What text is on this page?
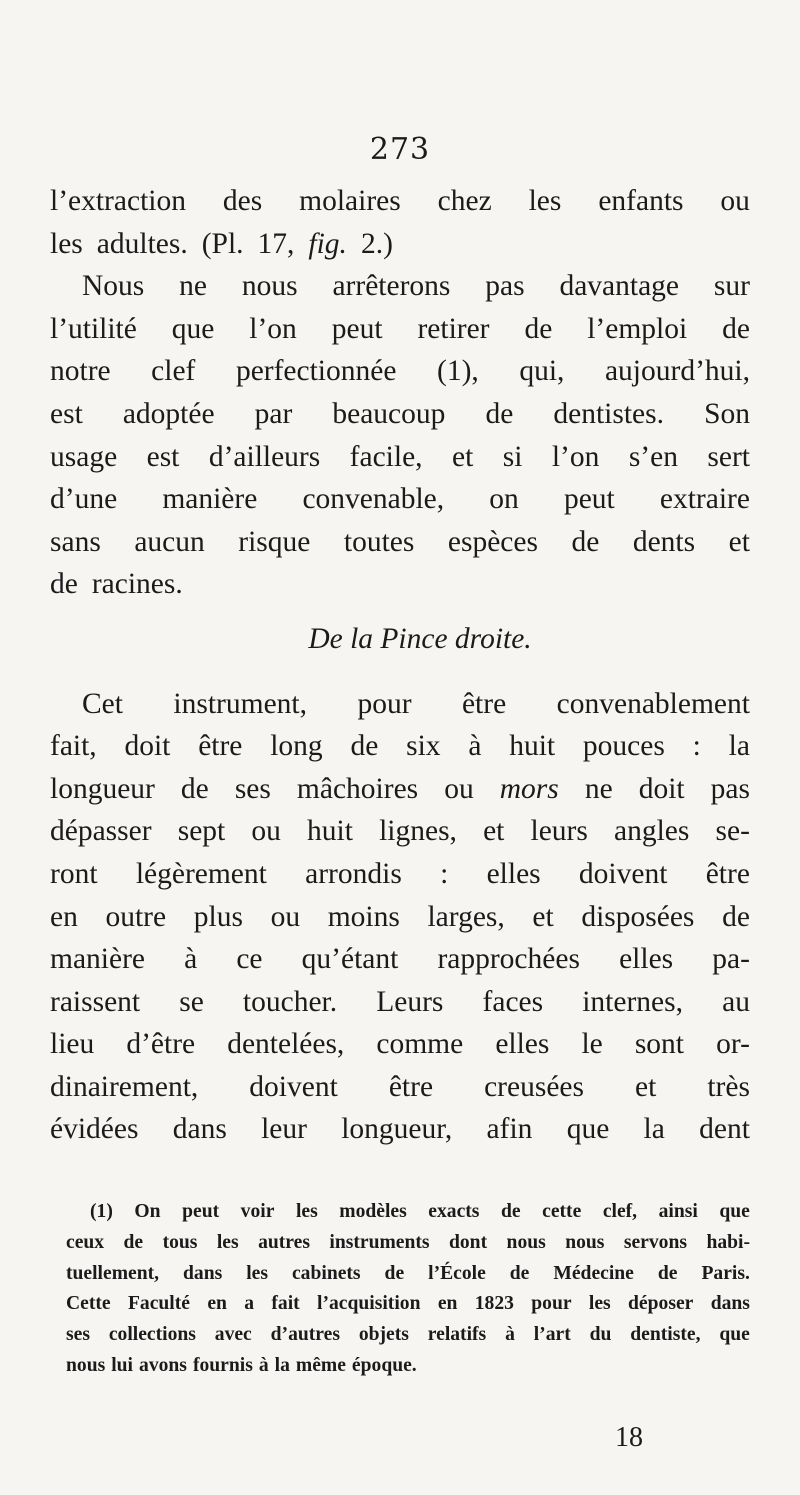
273
l’extraction des molaires chez les enfants ou
les adultes. (Pl. 17, fig. 2.)
Nous ne nous arrêterons pas davantage sur
l’utilité que l’on peut retirer de l’emploi de
notre clef perfectionnée (1), qui, aujourd’hui,
est adoptée par beaucoup de dentistes. Son
usage est d’ailleurs facile, et si l’on s’en sert
d’une manière convenable, on peut extraire
sans aucun risque toutes espèces de dents et
de racines.
De la Pince droite.
Cet instrument, pour être convenablement
fait, doit être long de six à huit pouces : la
longueur de ses mâchoires ou mors ne doit pas
dépasser sept ou huit lignes, et leurs angles se-
ront légèrement arrondis : elles doivent être
en outre plus ou moins larges, et disposées de
manière à ce qu’étant rapprochées elles pa-
raissent se toucher. Leurs faces internes, au
lieu d’être dentelées, comme elles le sont or-
dinairement, doivent être creusées et très
évidées dans leur longueur, afin que la dent
(1) On peut voir les modèles exacts de cette clef, ainsi que
ceux de tous les autres instruments dont nous nous servons habi-
tuellement, dans les cabinets de l’École de Médecine de Paris.
Cette Faculté en a fait l’acquisition en 1823 pour les déposer dans
ses collections avec d’autres objets relatifs à l’art du dentiste, que
nous lui avons fournis à la même époque.
18
